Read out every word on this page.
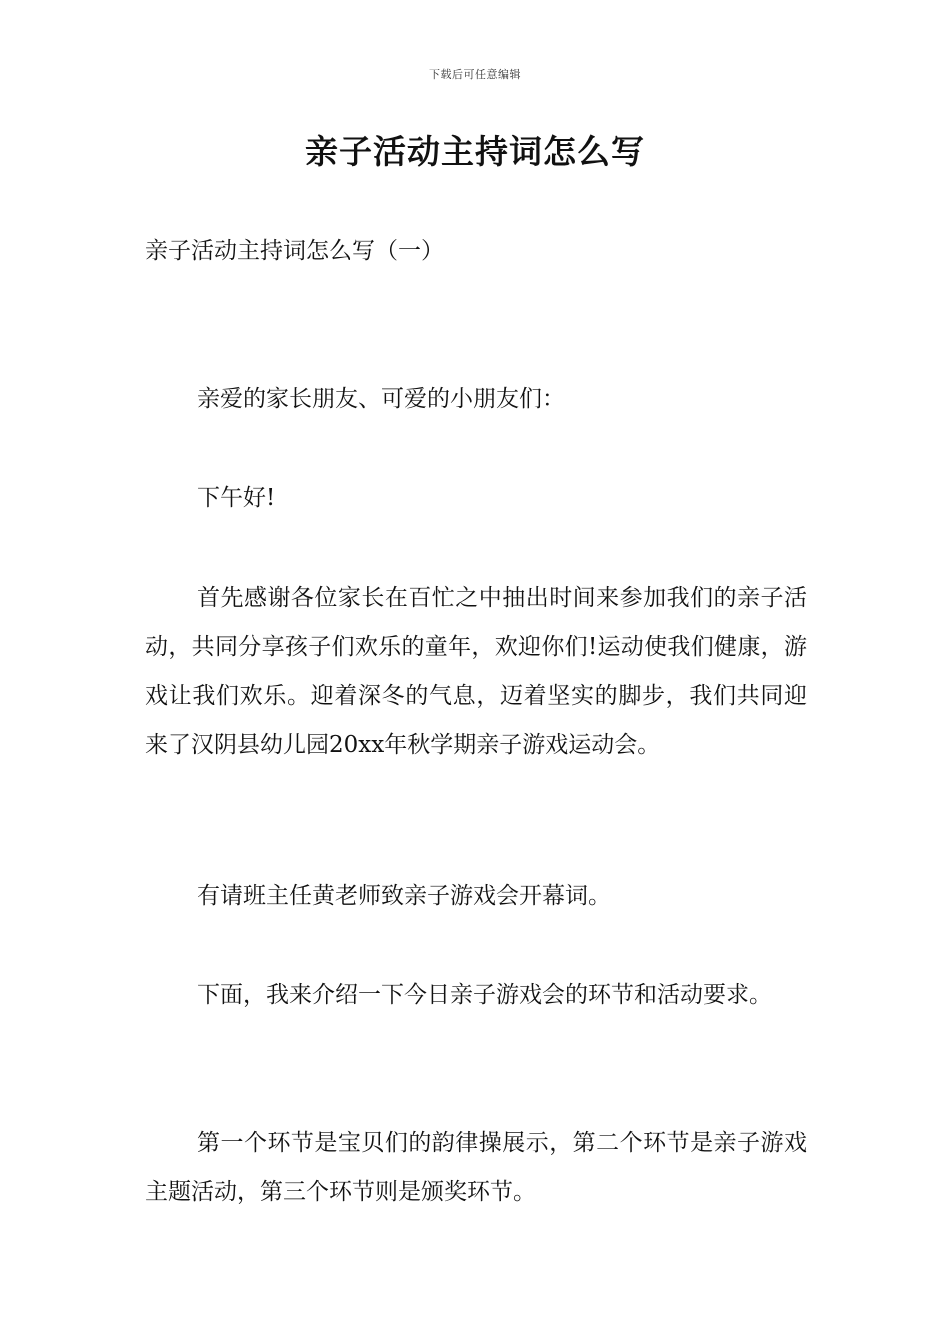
下载后可任意编辑
亲子活动主持词怎么写
亲子活动主持词怎么写（一）

亲爱的家长朋友、可爱的小朋友们：

下午好!

首先感谢各位家长在百忙之中抽出时间来参加我们的亲子活动，共同分享孩子们欢乐的童年，欢迎你们!运动使我们健康，游戏让我们欢乐。迎着深冬的气息，迈着坚实的脚步，我们共同迎来了汉阴县幼儿园20xx年秋学期亲子游戏运动会。

有请班主任黄老师致亲子游戏会开幕词。

下面，我来介绍一下今日亲子游戏会的环节和活动要求。

第一个环节是宝贝们的韵律操展示，第二个环节是亲子游戏主题活动，第三个环节则是颁奖环节。
